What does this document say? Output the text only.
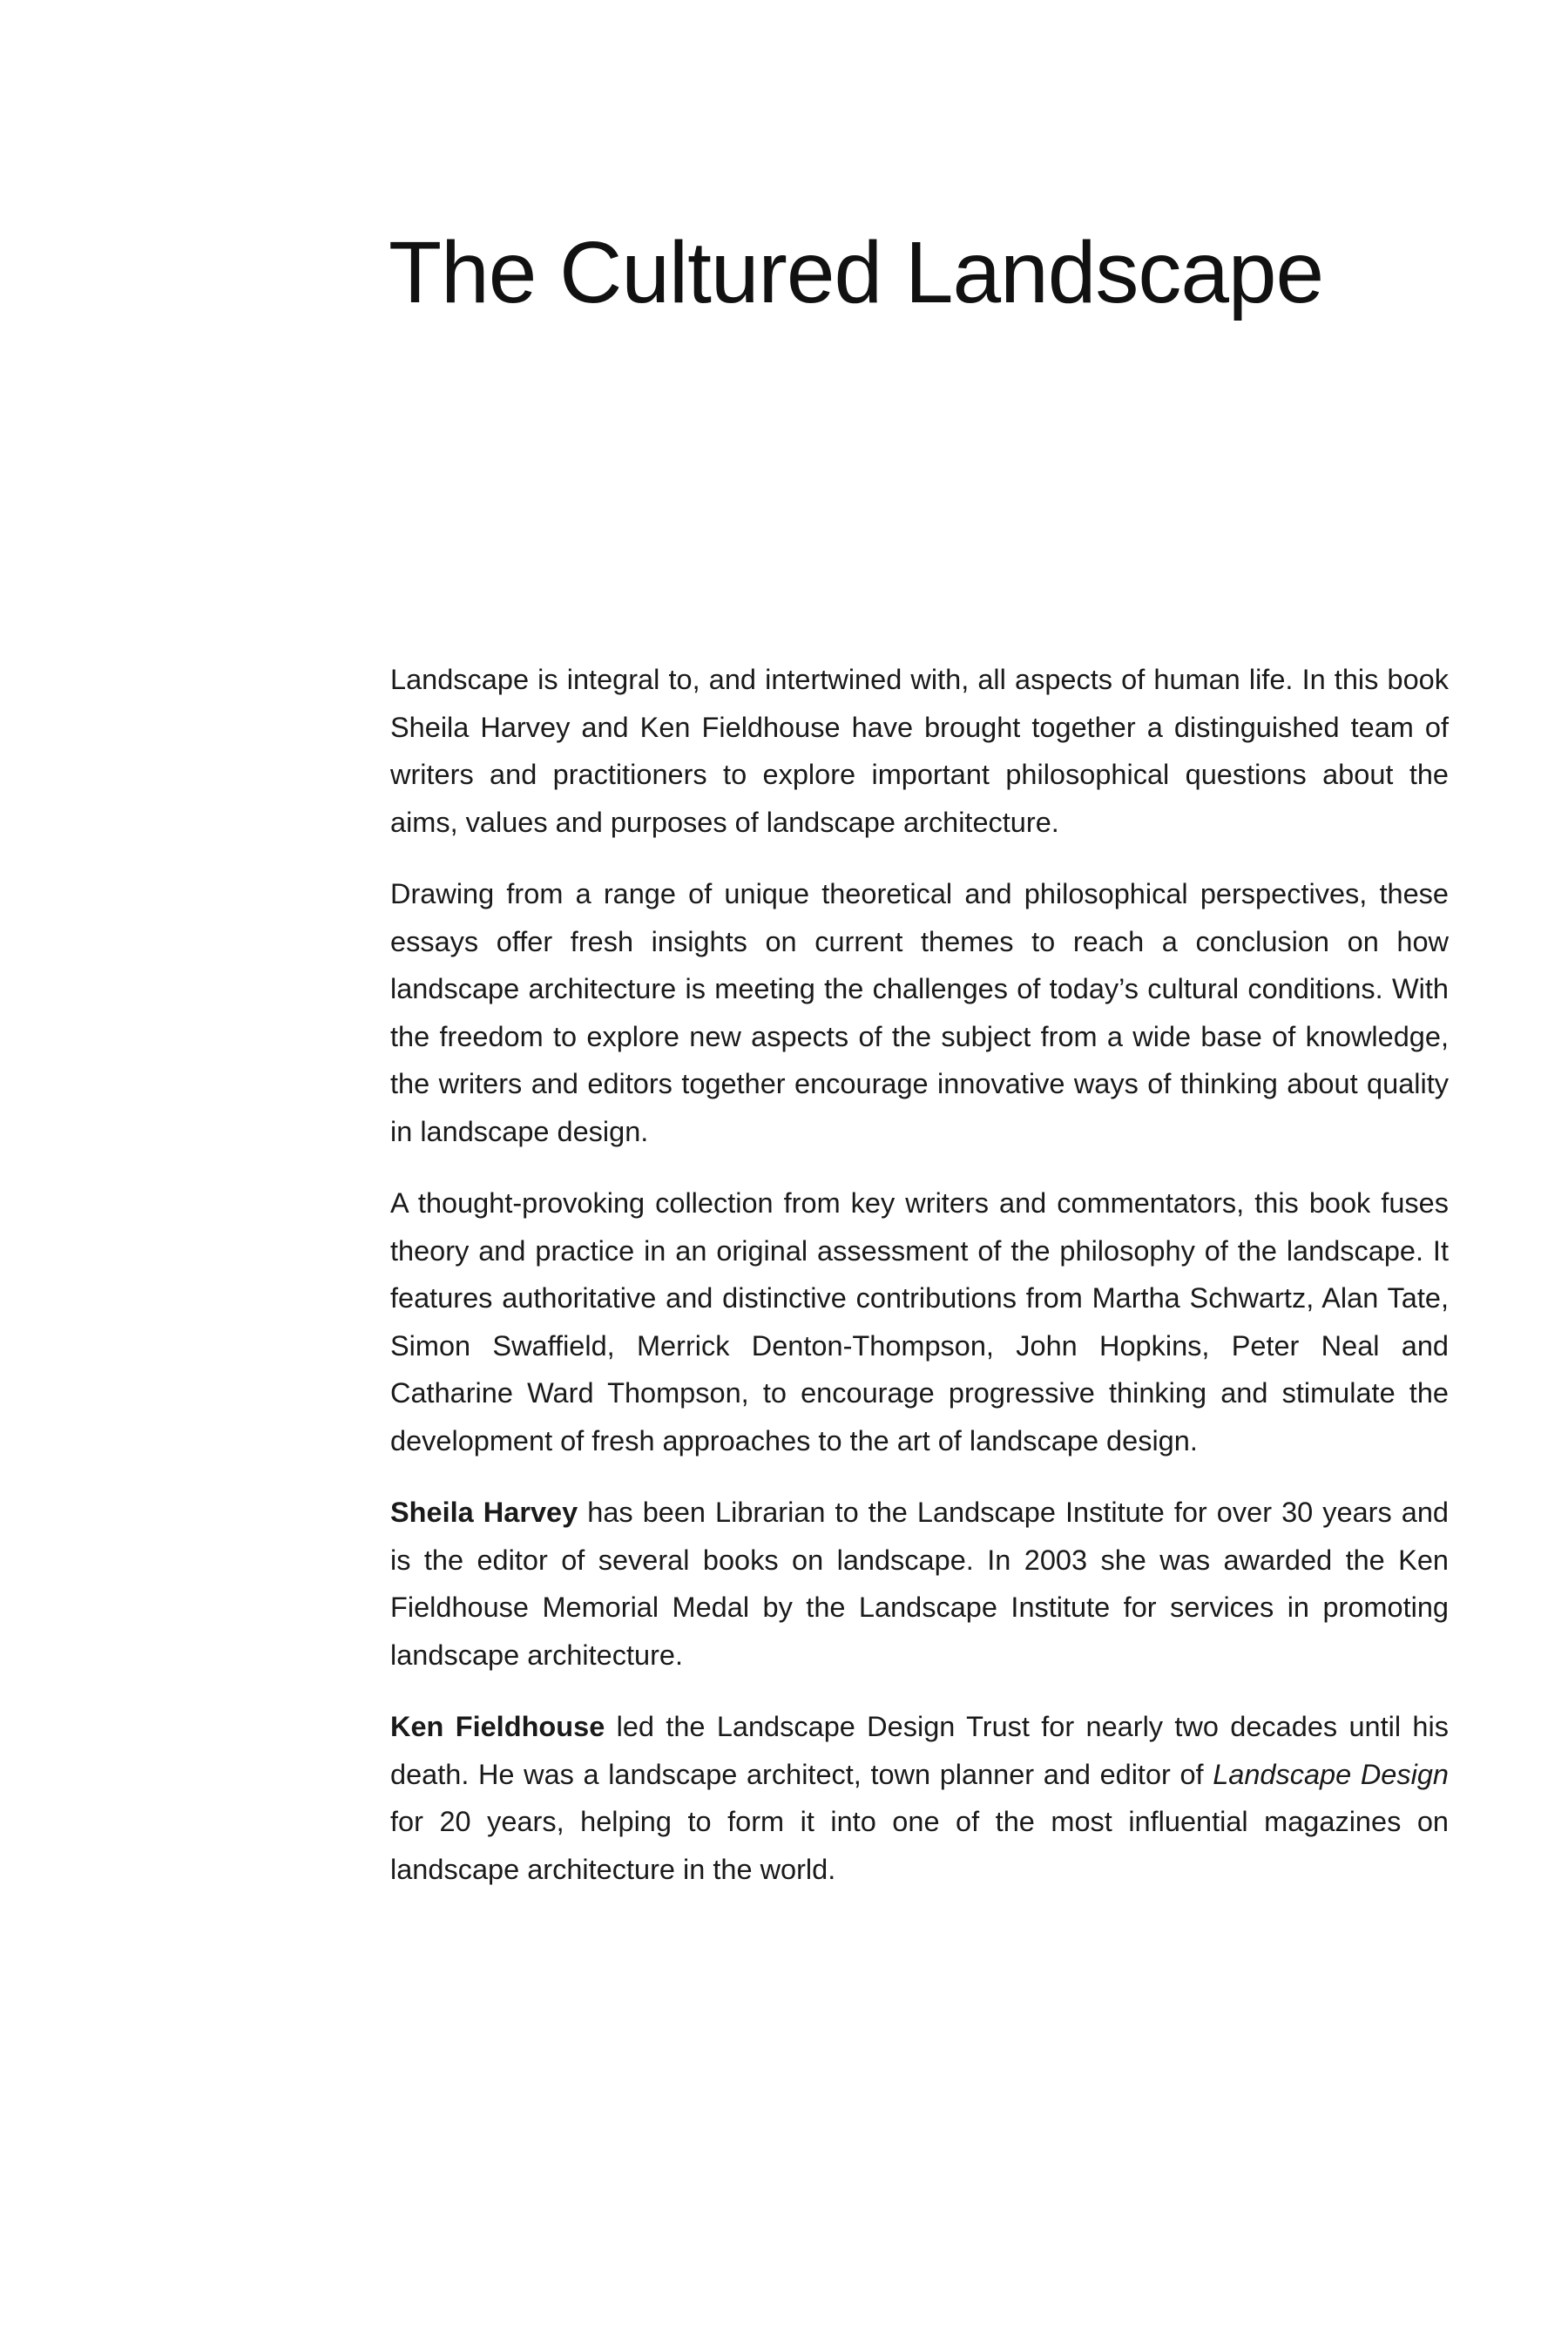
The Cultured Landscape

Landscape is integral to, and intertwined with, all aspects of human life. In this book Sheila Harvey and Ken Fieldhouse have brought together a distinguished team of writers and practitioners to explore important philosophical questions about the aims, values and purposes of landscape architecture.

Drawing from a range of unique theoretical and philosophical perspectives, these essays offer fresh insights on current themes to reach a conclusion on how landscape architecture is meeting the challenges of today’s cultural conditions. With the freedom to explore new aspects of the subject from a wide base of knowledge, the writers and editors together encourage innovative ways of thinking about quality in landscape design.

A thought-provoking collection from key writers and commentators, this book fuses theory and practice in an original assessment of the philosophy of the landscape. It features authoritative and distinctive contributions from Martha Schwartz, Alan Tate, Simon Swaffield, Merrick Denton-Thompson, John Hopkins, Peter Neal and Catharine Ward Thompson, to encourage progressive thinking and stimulate the development of fresh approaches to the art of landscape design.

Sheila Harvey has been Librarian to the Landscape Institute for over 30 years and is the editor of several books on landscape. In 2003 she was awarded the Ken Fieldhouse Memorial Medal by the Landscape Institute for services in promoting landscape architecture.

Ken Fieldhouse led the Landscape Design Trust for nearly two decades until his death. He was a landscape architect, town planner and editor of Landscape Design for 20 years, helping to form it into one of the most influential magazines on landscape architecture in the world.
